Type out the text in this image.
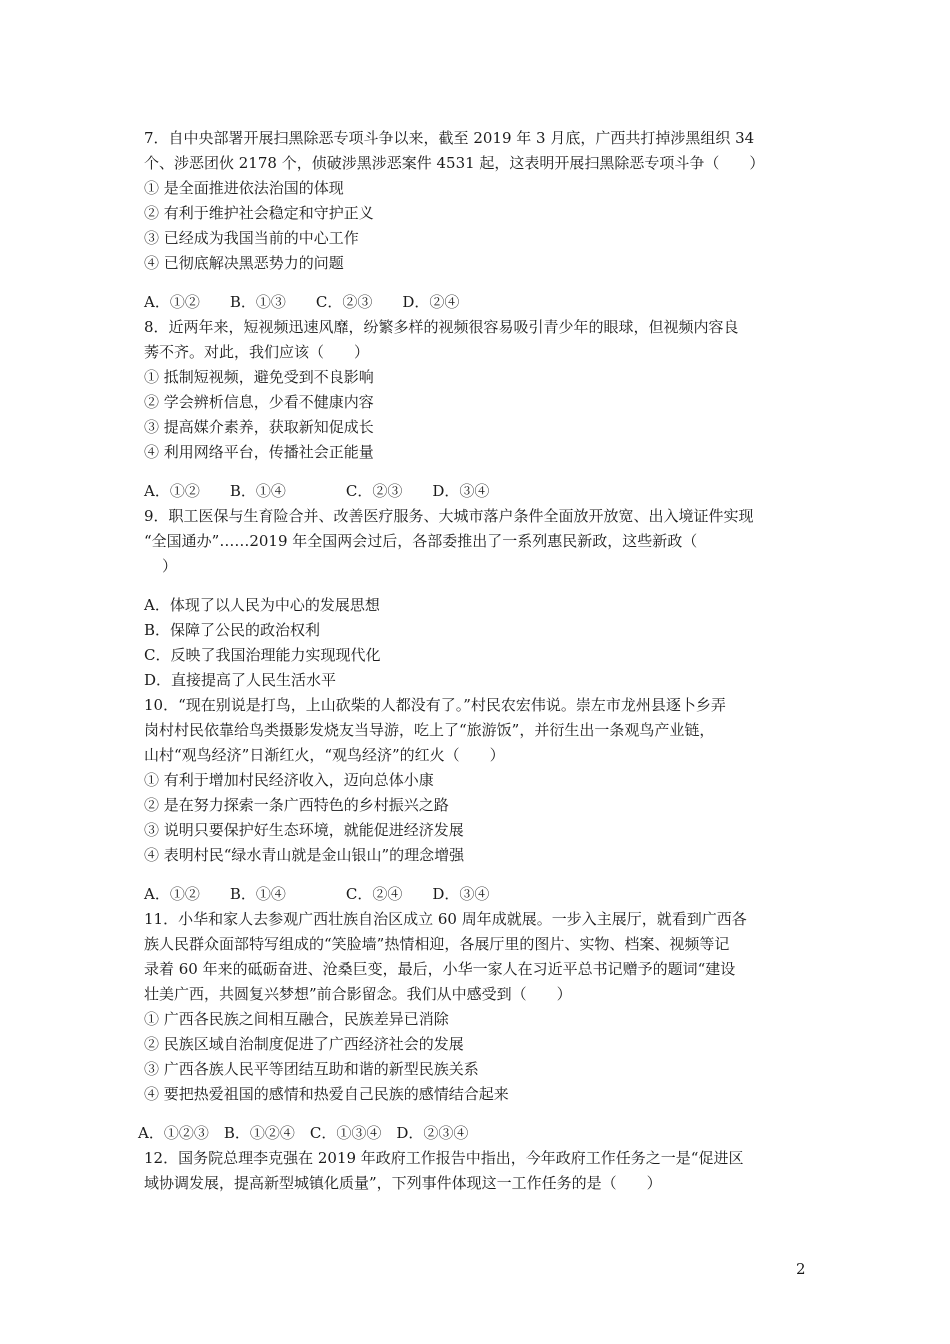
7．自中央部署开展扫黑除恶专项斗争以来，截至 2019 年 3 月底，广西共打掉涉黑组织 34
个、涉恶团伙 2178 个，侦破涉黑涉恶案件 4531 起，这表明开展扫黑除恶专项斗争（　　）
① 是全面推进依法治国的体现
② 有利于维护社会稳定和守护正义
③ 已经成为我国当前的中心工作
④ 已彻底解决黑恶势力的问题
A．①②　　B．①③　　C．②③　　D．②④
8．近两年来，短视频迅速风靡，纷繁多样的视频很容易吸引青少年的眼球，但视频内容良
莠不齐。对此，我们应该（　　）
① 抵制短视频，避免受到不良影响
② 学会辨析信息，少看不健康内容
③ 提高媒介素养，获取新知促成长
④ 利用网络平台，传播社会正能量
A．①②　　B．①④　　　　C．②③　　D．③④
9．职工医保与生育险合并、改善医疗服务、大城市落户条件全面放开放宽、出入境证件实现
“全国通办”……2019 年全国两会过后，各部委推出了一系列惠民新政，这些新政（
）
A．体现了以人民为中心的发展思想
B．保障了公民的政治权利
C．反映了我国治理能力实现现代化
D．直接提高了人民生活水平
10．“现在别说是打鸟，上山砍柴的人都没有了。”村民农宏伟说。崇左市龙州县逐卜乡弄
岗村村民依靠给鸟类摄影发烧友当导游，吃上了“旅游饭”，并衍生出一条观鸟产业链，
山村“观鸟经济”日渐红火，“观鸟经济”的红火（　　）
① 有利于增加村民经济收入，迈向总体小康
② 是在努力探索一条广西特色的乡村振兴之路
③ 说明只要保护好生态环境，就能促进经济发展
④ 表明村民“绿水青山就是金山银山”的理念增强
A．①②　　B．①④　　　　C．②④　　D．③④
11．小华和家人去参观广西壮族自治区成立 60 周年成就展。一步入主展厅，就看到广西各
族人民群众面部特写组成的“笑脸墙”热情相迎，各展厅里的图片、实物、档案、视频等记
录着 60 年来的砥砺奋进、沧桑巨变，最后，小华一家人在习近平总书记赠予的题词“建设
壮美广西，共圆复兴梦想”前合影留念。我们从中感受到（　　）
① 广西各民族之间相互融合，民族差异已消除
② 民族区域自治制度促进了广西经济社会的发展
③ 广西各族人民平等团结互助和谐的新型民族关系
④ 要把热爱祖国的感情和热爱自己民族的感情结合起来
A．①②③　B．①②④　C．①③④　D．②③④
12．国务院总理李克强在 2019 年政府工作报告中指出，今年政府工作任务之一是“促进区
域协调发展，提高新型城镇化质量”，下列事件体现这一工作任务的是（　　）
2
